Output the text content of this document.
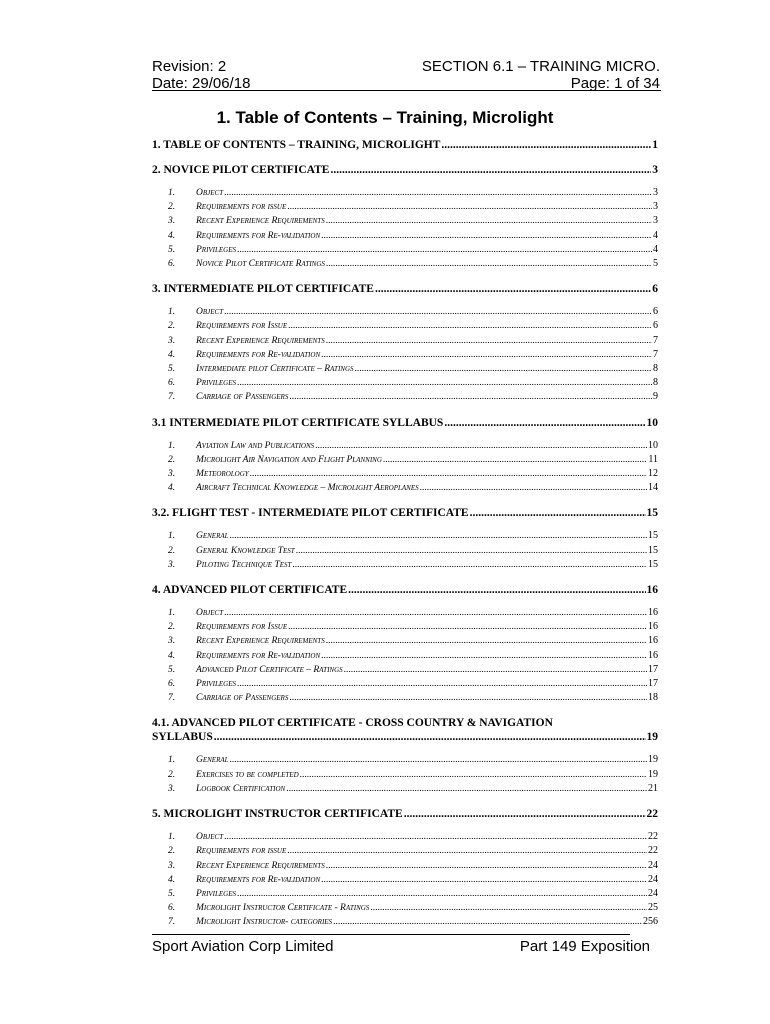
Revision: 2
Date: 29/06/18
SECTION 6.1 – TRAINING MICRO.
Page: 1 of 34
1. Table of Contents – Training, Microlight
1. TABLE OF CONTENTS – TRAINING, MICROLIGHT .....	1
2. NOVICE PILOT CERTIFICATE .....	3
1.	Object .....	3
2.	Requirements for issue .....	3
3.	Recent Experience Requirements .....	3
4.	Requirements for Re-validation .....	4
5.	Privileges .....	4
6.	Novice Pilot Certificate Ratings .....	5
3. INTERMEDIATE PILOT CERTIFICATE .....	6
1.	Object .....	6
2.	Requirements for Issue .....	6
3.	Recent Experience Requirements .....	7
4.	Requirements for Re-validation .....	7
5.	Intermediate pilot Certificate – Ratings .....	8
6.	Privileges .....	8
7.	Carriage of Passengers .....	9
3.1 INTERMEDIATE PILOT CERTIFICATE SYLLABUS .....	10
1.	Aviation Law and Publications .....	10
2.	Microlight Air Navigation and Flight Planning .....	11
3.	Meteorology .....	12
4.	Aircraft Technical Knowledge – Microlight Aeroplanes .....	14
3.2. FLIGHT TEST - INTERMEDIATE PILOT CERTIFICATE .....	15
1.	General .....	15
2.	General Knowledge Test .....	15
3.	Piloting Technique Test .....	15
4. ADVANCED PILOT CERTIFICATE .....	16
1.	Object .....	16
2.	Requirements for Issue .....	16
3.	Recent Experience Requirements .....	16
4.	Requirements for Re-validation .....	16
5.	Advanced Pilot Certificate – Ratings .....	17
6.	Privileges .....	17
7.	Carriage of Passengers .....	18
4.1. ADVANCED PILOT CERTIFICATE - CROSS COUNTRY & NAVIGATION
SYLLABUS .....	19
1.	General .....	19
2.	Exercises to be completed .....	19
3.	Logbook Certification .....	21
5. MICROLIGHT INSTRUCTOR CERTIFICATE .....	22
1.	Object .....	22
2.	Requirements for issue .....	22
3.	Recent Experience Requirements .....	24
4.	Requirements for Re-validation .....	24
5.	Privileges .....	24
6.	Microlight Instructor Certificate - Ratings .....	25
7.	Microlight Instructor- categories .....	256
Sport Aviation Corp Limited	Part 149 Exposition
